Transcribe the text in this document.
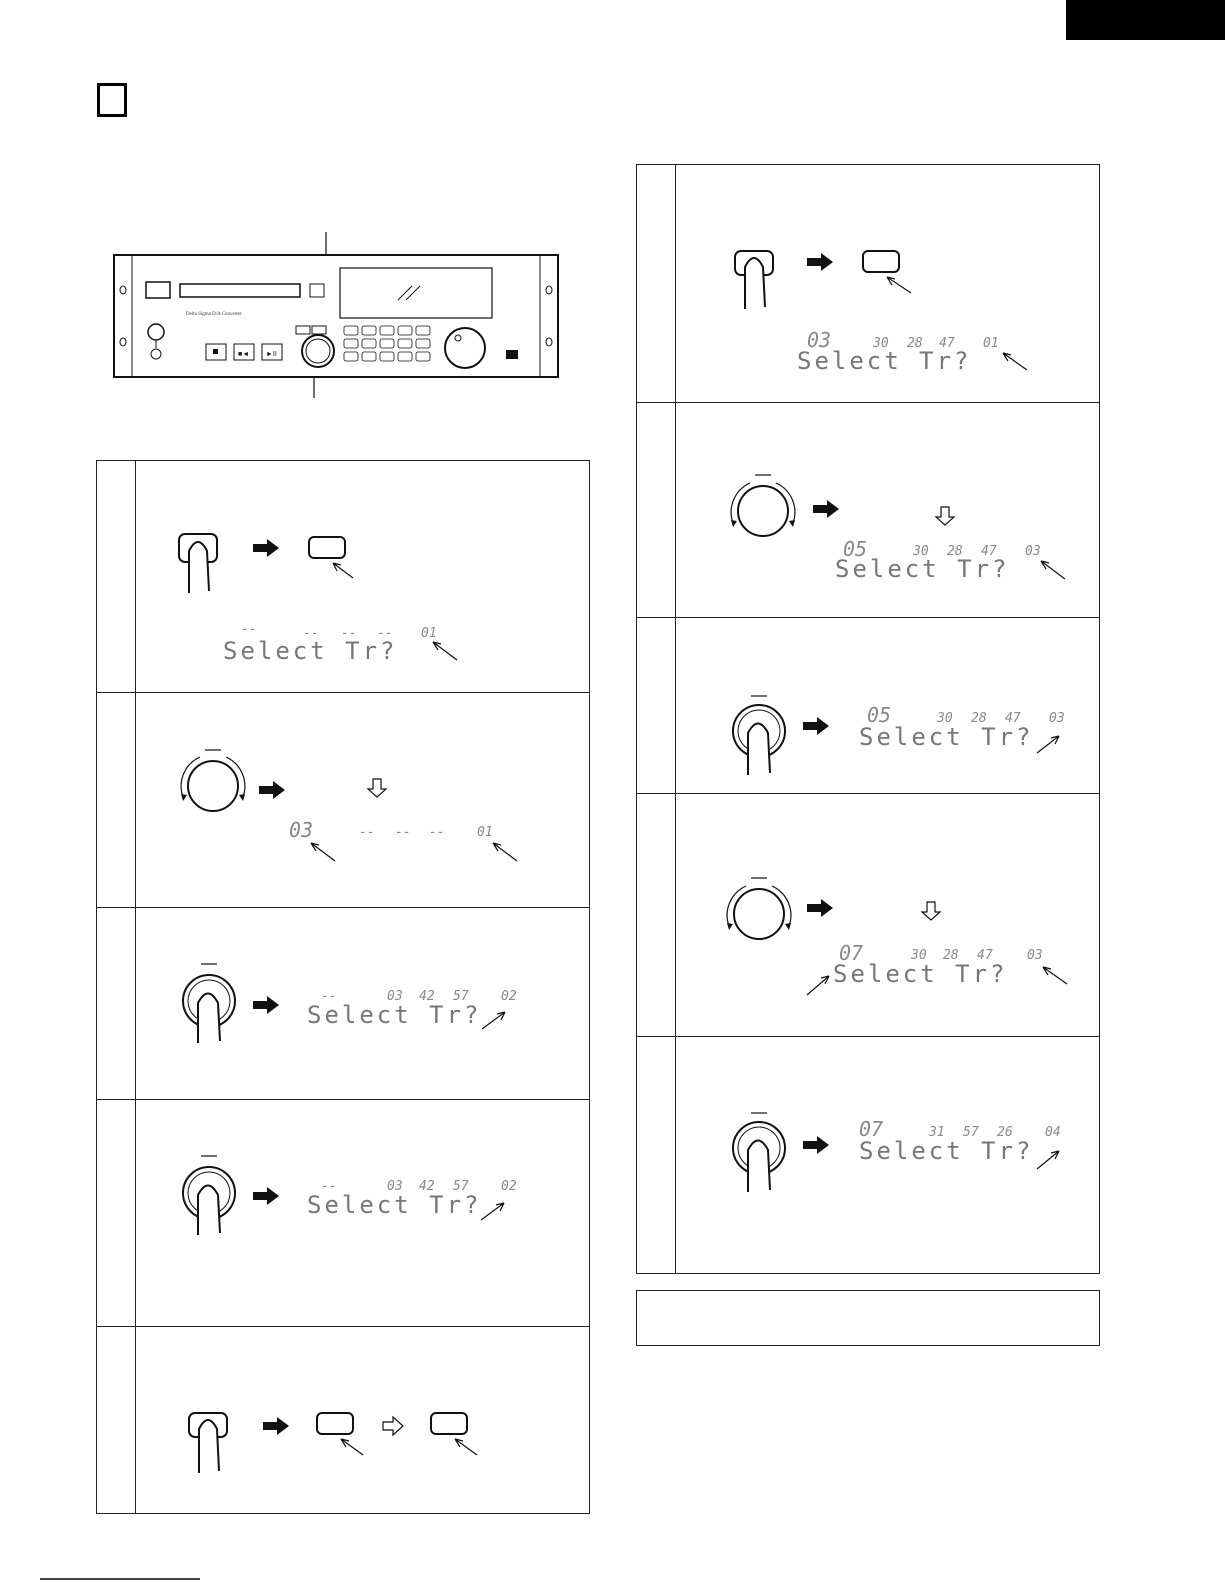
Delta Sigma D/A Converter
■◄ ►II
--	-- -- -- 01
Select Tr?
03	-- -- -- 01
--	03 42 57 02
Select Tr?
--	03 42 57 02
Select Tr?
03	30 28 47 01
Select Tr?
05	30 28 47 03
Select Tr?
05	30 28 47 03
Select Tr?
07	30 28 47	03
Select Tr?
07	31 57 26 04
Select Tr?
